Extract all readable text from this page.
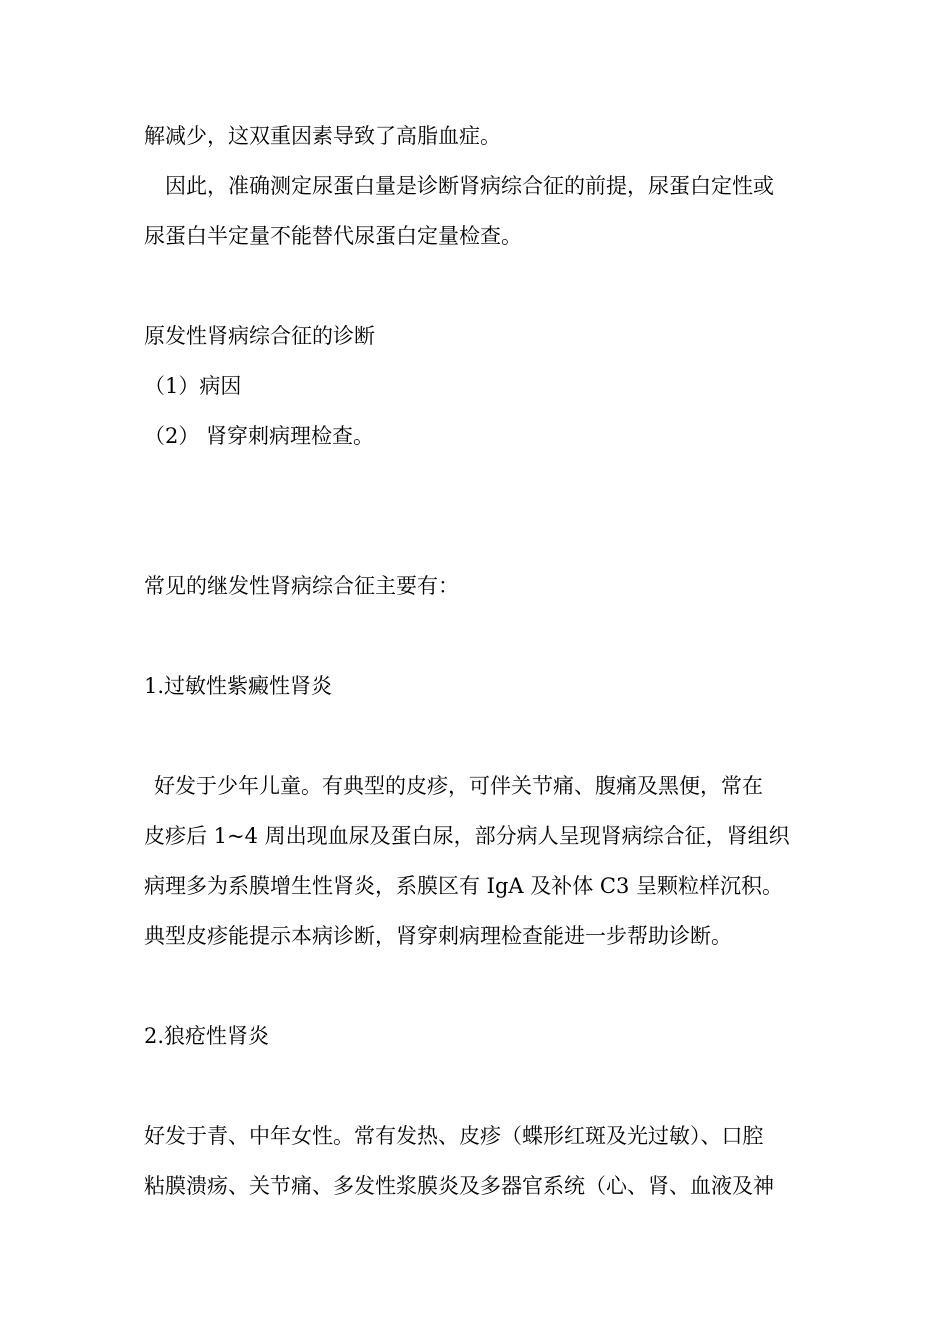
解减少，这双重因素导致了高脂血症。
因此，准确测定尿蛋白量是诊断肾病综合征的前提，尿蛋白定性或
尿蛋白半定量不能替代尿蛋白定量检查。
原发性肾病综合征的诊断
（1）病因
（2） 肾穿刺病理检查。
常见的继发性肾病综合征主要有：
1.过敏性紫癜性肾炎
好发于少年儿童。有典型的皮疹，可伴关节痛、腹痛及黑便，常在
皮疹后 1~4 周出现血尿及蛋白尿，部分病人呈现肾病综合征，肾组织
病理多为系膜增生性肾炎，系膜区有 IgA 及补体 C3 呈颗粒样沉积。
典型皮疹能提示本病诊断，肾穿刺病理检查能进一步帮助诊断。
2.狼疮性肾炎
好发于青、中年女性。常有发热、皮疹（蝶形红斑及光过敏）、口腔
粘膜溃疡、关节痛、多发性浆膜炎及多器官系统（心、肾、血液及神
